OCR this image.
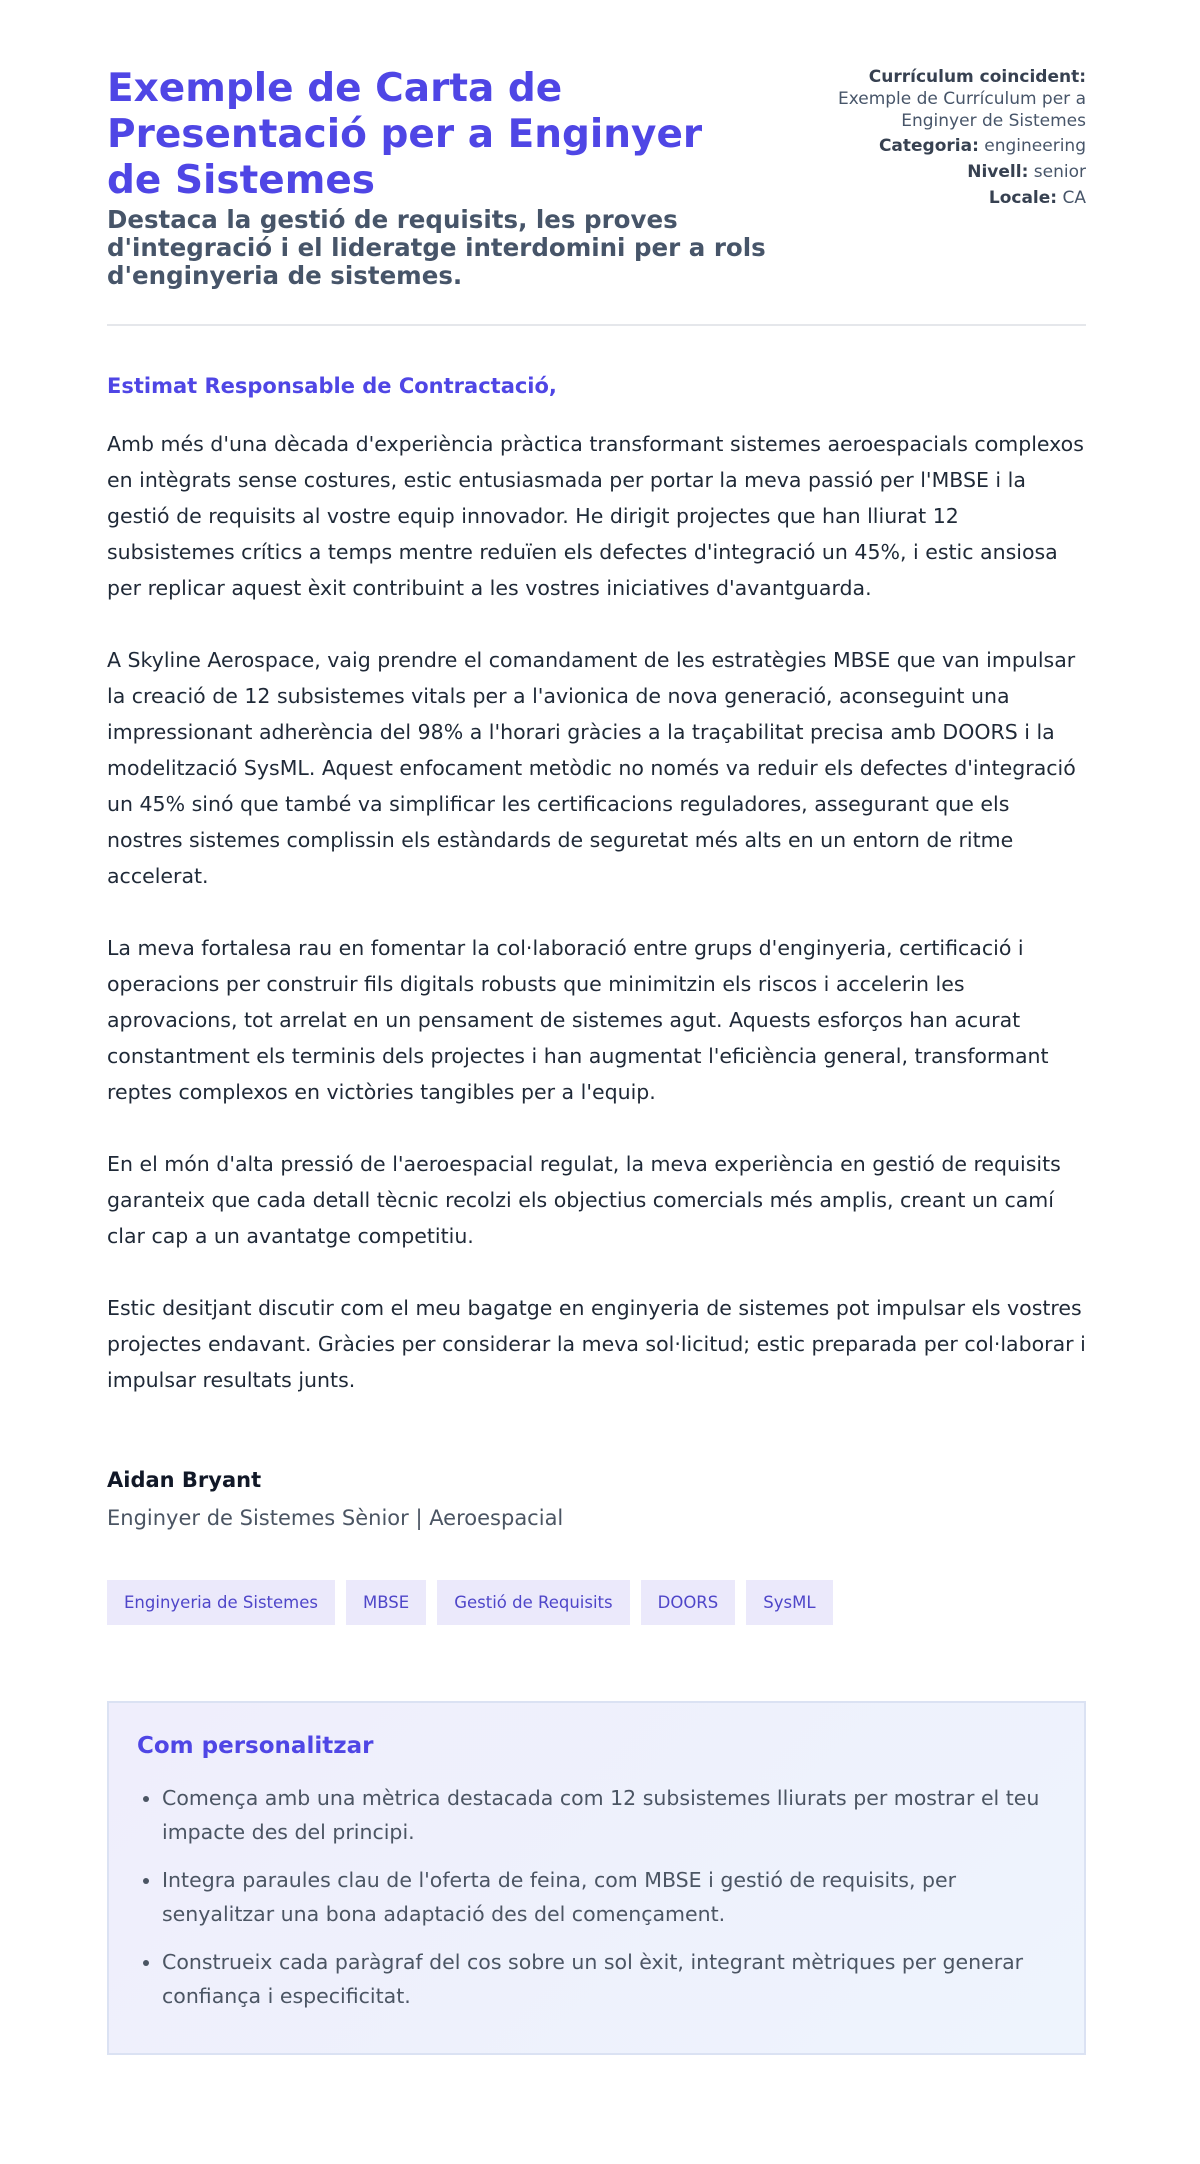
Exemple de Carta de Presentació per a Enginyer de Sistemes
Destaca la gestió de requisits, les proves d'integració i el lideratge interdomini per a rols d'enginyeria de sistemes.
Currículum coincident:
Exemple de Currículum per a Enginyer de Sistemes
Categoria: engineering
Nivell: senior
Locale: CA
Estimat Responsable de Contractació,

Amb més d'una dècada d'experiència pràctica transformant sistemes aeroespacials complexos en intègrats sense costures, estic entusiasmada per portar la meva passió per l'MBSE i la gestió de requisits al vostre equip innovador. He dirigit projectes que han lliurat 12 subsistemes crítics a temps mentre reduïen els defectes d'integració un 45%, i estic ansiosa per replicar aquest èxit contribuint a les vostres iniciatives d'avantguarda.

A Skyline Aerospace, vaig prendre el comandament de les estratègies MBSE que van impulsar la creació de 12 subsistemes vitals per a l'avionica de nova generació, aconseguint una impressionant adherència del 98% a l'horari gràcies a la traçabilitat precisa amb DOORS i la modelització SysML. Aquest enfocament metòdic no només va reduir els defectes d'integració un 45% sinó que també va simplificar les certificacions reguladores, assegurant que els nostres sistemes complissin els estàndards de seguretat més alts en un entorn de ritme accelerat.

La meva fortalesa rau en fomentar la col·laboració entre grups d'enginyeria, certificació i operacions per construir fils digitals robusts que minimitzin els riscos i accelerin les aprovacions, tot arrelat en un pensament de sistemes agut. Aquests esforços han acurat constantment els terminis dels projectes i han augmentat l'eficiència general, transformant reptes complexos en victòries tangibles per a l'equip.

En el món d'alta pressió de l'aeroespacial regulat, la meva experiència en gestió de requisits garanteix que cada detall tècnic recolzi els objectius comercials més amplis, creant un camí clar cap a un avantatge competitiu.

Estic desitjant discutir com el meu bagatge en enginyeria de sistemes pot impulsar els vostres projectes endavant. Gràcies per considerar la meva sol·licitud; estic preparada per col·laborar i impulsar resultats junts.

Aidan Bryant
Enginyer de Sistemes Sènior | Aeroespacial
Enginyeria de Sistemes	MBSE	Gestió de Requisits	DOORS	SysML
Com personalitzar
• Comença amb una mètrica destacada com 12 subsistemes lliurats per mostrar el teu impacte des del principi.
• Integra paraules clau de l'oferta de feina, com MBSE i gestió de requisits, per senyalitzar una bona adaptació des del començament.
• Construeix cada paràgraf del cos sobre un sol èxit, integrant mètriques per generar confiança i especificitat.
